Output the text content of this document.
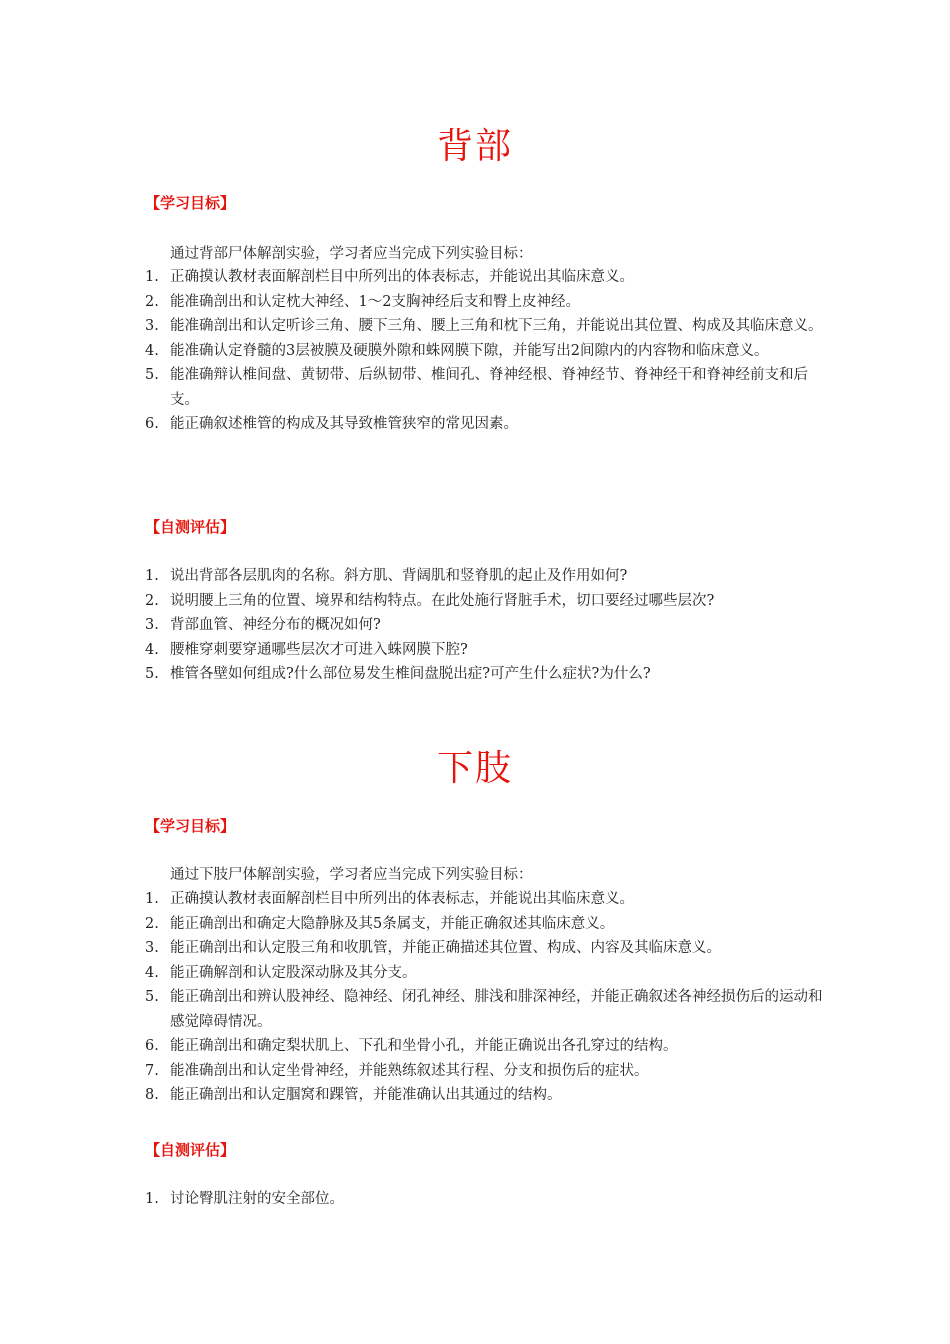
背部
【学习目标】
通过背部尸体解剖实验，学习者应当完成下列实验目标：
1. 正确摸认教材表面解剖栏目中所列出的体表标志，并能说出其临床意义。
2. 能准确剖出和认定枕大神经、1～2支胸神经后支和臀上皮神经。
3. 能准确剖出和认定听诊三角、腰下三角、腰上三角和枕下三角，并能说出其位置、构成及其临床意义。
4. 能准确认定脊髓的3层被膜及硬膜外隙和蛛网膜下隙，并能写出2间隙内的内容物和临床意义。
5. 能准确辩认椎间盘、黄韧带、后纵韧带、椎间孔、脊神经根、脊神经节、脊神经干和脊神经前支和后支。
6. 能正确叙述椎管的构成及其导致椎管狭窄的常见因素。
【自测评估】
1. 说出背部各层肌肉的名称。斜方肌、背阔肌和竖脊肌的起止及作用如何?
2. 说明腰上三角的位置、境界和结构特点。在此处施行肾脏手术，切口要经过哪些层次?
3. 背部血管、神经分布的概况如何?
4. 腰椎穿刺要穿通哪些层次才可进入蛛网膜下腔?
5. 椎管各壁如何组成?什么部位易发生椎间盘脱出症?可产生什么症状?为什么?
下肢
【学习目标】
通过下肢尸体解剖实验，学习者应当完成下列实验目标：
1. 正确摸认教材表面解剖栏目中所列出的体表标志，并能说出其临床意义。
2. 能正确剖出和确定大隐静脉及其5条属支，并能正确叙述其临床意义。
3. 能正确剖出和认定股三角和收肌管，并能正确描述其位置、构成、内容及其临床意义。
4. 能正确解剖和认定股深动脉及其分支。
5. 能正确剖出和辨认股神经、隐神经、闭孔神经、腓浅和腓深神经，并能正确叙述各神经损伤后的运动和感觉障碍情况。
6. 能正确剖出和确定梨状肌上、下孔和坐骨小孔，并能正确说出各孔穿过的结构。
7. 能准确剖出和认定坐骨神经，并能熟练叙述其行程、分支和损伤后的症状。
8. 能正确剖出和认定腘窝和踝管，并能准确认出其通过的结构。
【自测评估】
1. 讨论臀肌注射的安全部位。
